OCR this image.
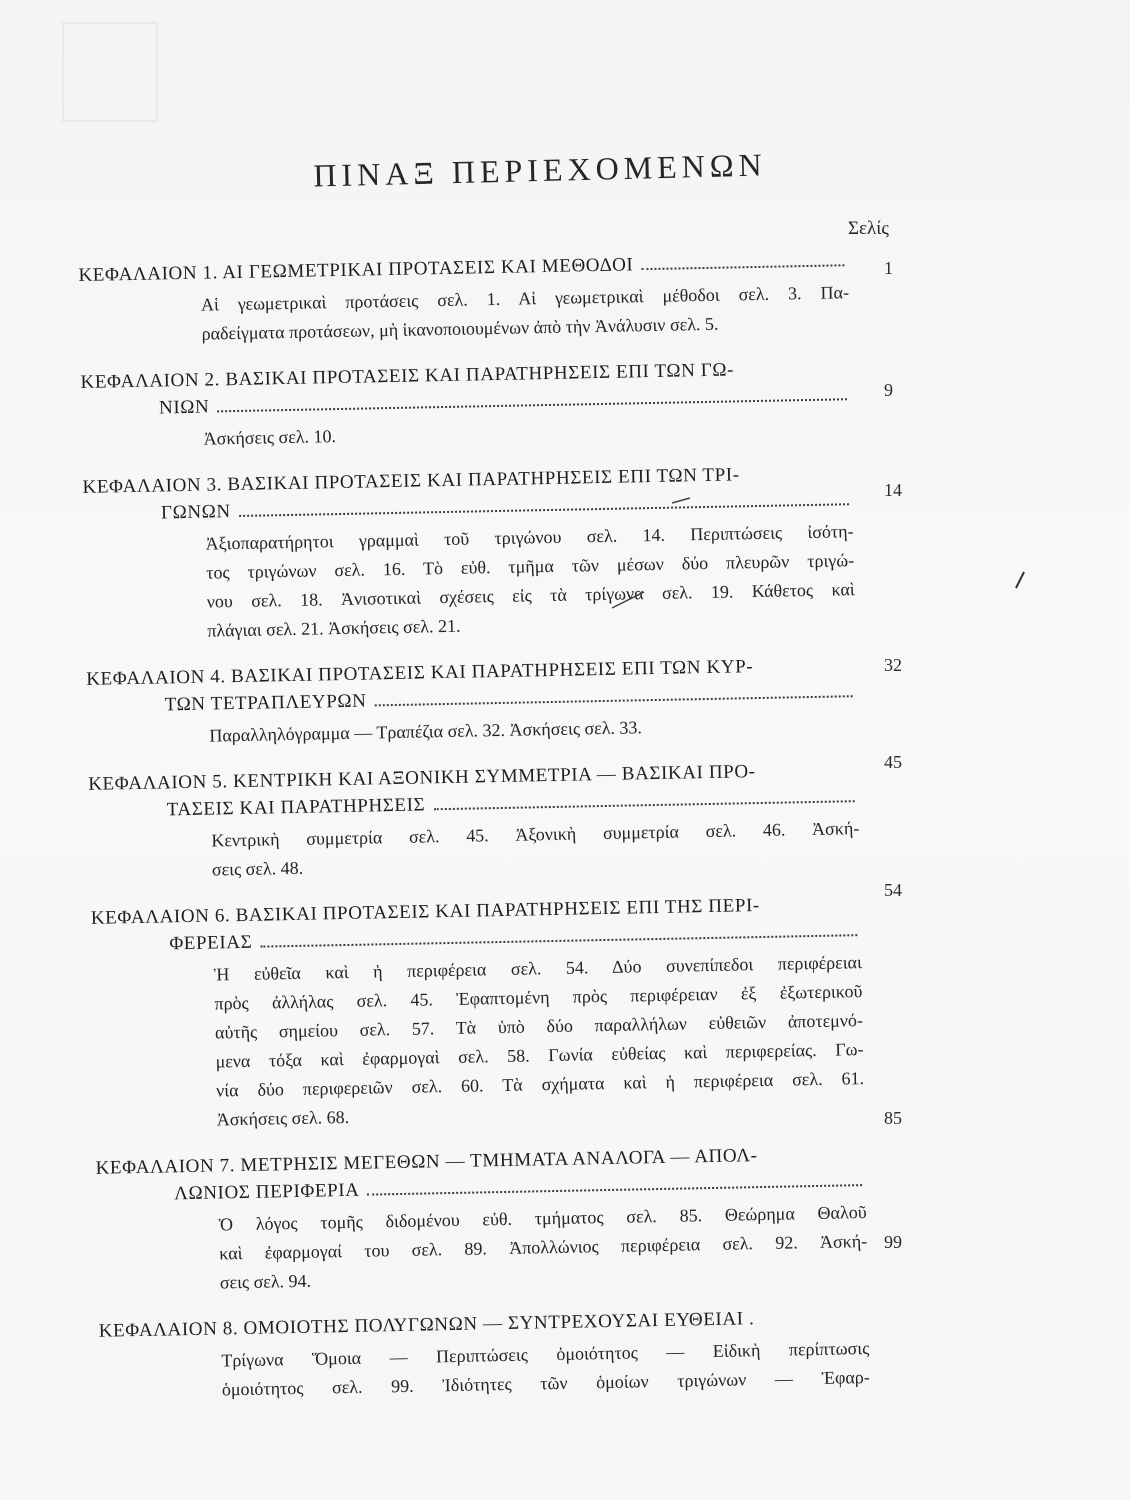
ΠΙΝΑΞ ΠΕΡΙΕΧΟΜΕΝΩΝ
Σελίς
ΚΕΦΑΛΑΙΟΝ 1. ΑΙ ΓΕΩΜΕΤΡΙΚΑΙ ΠΡΟΤΑΣΕΙΣ ΚΑΙ ΜΕΘΟΔΟΙ
Αἱ γεωμετρικαὶ προτάσεις σελ. 1. Αἱ γεωμετρικαὶ μέθοδοι σελ. 3. Πα-
ραδείγματα προτάσεων, μὴ ἱκανοποιουμένων ἀπὸ τὴν Ἀνάλυσιν σελ. 5.
ΚΕΦΑΛΑΙΟΝ 2. ΒΑΣΙΚΑΙ ΠΡΟΤΑΣΕΙΣ ΚΑΙ ΠΑΡΑΤΗΡΗΣΕΙΣ ΕΠΙ ΤΩΝ ΓΩ-
ΝΙΩΝ
Ἀσκήσεις σελ. 10.
ΚΕΦΑΛΑΙΟΝ 3. ΒΑΣΙΚΑΙ ΠΡΟΤΑΣΕΙΣ ΚΑΙ ΠΑΡΑΤΗΡΗΣΕΙΣ ΕΠΙ ΤΩΝ ΤΡΙ-
ΓΩΝΩΝ
Ἀξιοπαρατήρητοι γραμμαὶ τοῦ τριγώνου σελ. 14. Περιπτώσεις ἰσότη-
τος τριγώνων σελ. 16. Τὸ εὐθ. τμῆμα τῶν μέσων δύο πλευρῶν τριγώ-
νου σελ. 18. Ἀνισοτικαὶ σχέσεις εἰς τὰ τρίγωνα σελ. 19. Κάθετος καὶ
πλάγιαι σελ. 21. Ἀσκήσεις σελ. 21.
ΚΕΦΑΛΑΙΟΝ 4. ΒΑΣΙΚΑΙ ΠΡΟΤΑΣΕΙΣ ΚΑΙ ΠΑΡΑΤΗΡΗΣΕΙΣ ΕΠΙ ΤΩΝ ΚΥΡ-
ΤΩΝ ΤΕΤΡΑΠΛΕΥΡΩΝ
Παραλληλόγραμμα — Τραπέζια σελ. 32. Ἀσκήσεις σελ. 33.
ΚΕΦΑΛΑΙΟΝ 5. ΚΕΝΤΡΙΚΗ ΚΑΙ ΑΞΟΝΙΚΗ ΣΥΜΜΕΤΡΙΑ — ΒΑΣΙΚΑΙ ΠΡΟ-
ΤΑΣΕΙΣ ΚΑΙ ΠΑΡΑΤΗΡΗΣΕΙΣ
Κεντρικὴ συμμετρία σελ. 45. Ἀξονικὴ συμμετρία σελ. 46. Ἀσκή-
σεις σελ. 48.
ΚΕΦΑΛΑΙΟΝ 6. ΒΑΣΙΚΑΙ ΠΡΟΤΑΣΕΙΣ ΚΑΙ ΠΑΡΑΤΗΡΗΣΕΙΣ ΕΠΙ ΤΗΣ ΠΕΡΙ-
ΦΕΡΕΙΑΣ
Ἡ εὐθεῖα καὶ ἡ περιφέρεια σελ. 54. Δύο συνεπίπεδοι περιφέρειαι
πρὸς ἀλλήλας σελ. 45. Ἐφαπτομένη πρὸς περιφέρειαν ἐξ ἐξωτερικοῦ
αὐτῆς σημείου σελ. 57. Τὰ ὑπὸ δύο παραλλήλων εὐθειῶν ἀποτεμνό-
μενα τόξα καὶ ἐφαρμογαὶ σελ. 58. Γωνία εὐθείας καὶ περιφερείας. Γω-
νία δύο περιφερειῶν σελ. 60. Τὰ σχήματα καὶ ἡ περιφέρεια σελ. 61.
Ἀσκήσεις σελ. 68.
ΚΕΦΑΛΑΙΟΝ 7. ΜΕΤΡΗΣΙΣ ΜΕΓΕΘΩΝ — ΤΜΗΜΑΤΑ ΑΝΑΛΟΓΑ — ΑΠΟΛ-
ΛΩΝΙΟΣ ΠΕΡΙΦΕΡΙΑ
Ὁ λόγος τομῆς διδομένου εὐθ. τμήματος σελ. 85. Θεώρημα Θαλοῦ
καὶ ἐφαρμογαί του σελ. 89. Ἀπολλώνιος περιφέρεια σελ. 92. Ἀσκή-
σεις σελ. 94.
ΚΕΦΑΛΑΙΟΝ 8. ΟΜΟΙΟΤΗΣ ΠΟΛΥΓΩΝΩΝ — ΣΥΝΤΡΕΧΟΥΣΑΙ ΕΥΘΕΙΑΙ .
Τρίγωνα Ὅμοια — Περιπτώσεις ὁμοιότητος — Εἰδικὴ περίπτωσις
ὁμοιότητος σελ. 99. Ἰδιότητες τῶν ὁμοίων τριγώνων — Ἐφαρ-
1
9
14
32
45
54
85
99
